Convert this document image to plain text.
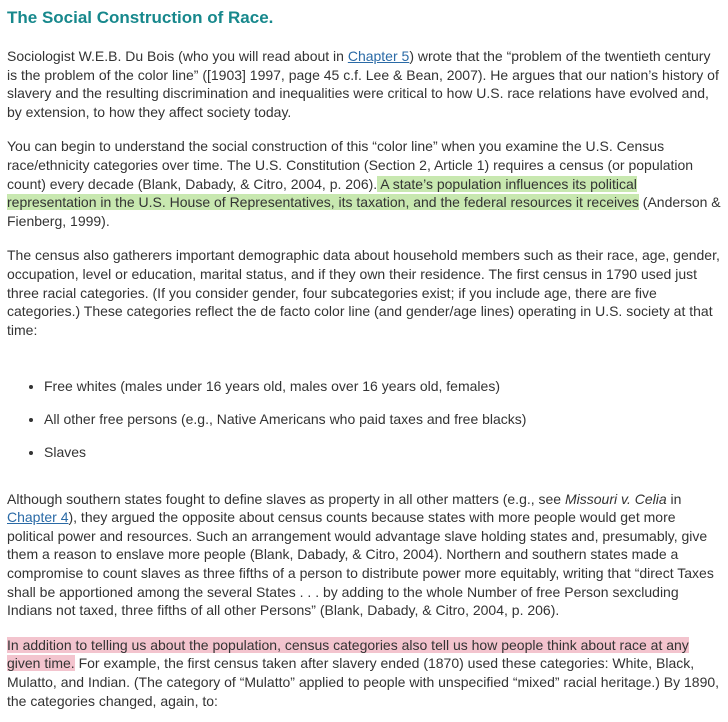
The Social Construction of Race.

Sociologist W.E.B. Du Bois (who you will read about in Chapter 5) wrote that the “problem of the twentieth century is the problem of the color line” ([1903] 1997, page 45 c.f. Lee & Bean, 2007). He argues that our nation’s history of slavery and the resulting discrimination and inequalities were critical to how U.S. race relations have evolved and, by extension, to how they affect society today.

You can begin to understand the social construction of this “color line” when you examine the U.S. Census race/ethnicity categories over time. The U.S. Constitution (Section 2, Article 1) requires a census (or population count) every decade (Blank, Dabady, & Citro, 2004, p. 206). A state’s population influences its political representation in the U.S. House of Representatives, its taxation, and the federal resources it receives (Anderson & Fienberg, 1999).

The census also gatherers important demographic data about household members such as their race, age, gender, occupation, level or education, marital status, and if they own their residence. The first census in 1790 used just three racial categories. (If you consider gender, four subcategories exist; if you include age, there are five categories.) These categories reflect the de facto color line (and gender/age lines) operating in U.S. society at that time:

• Free whites (males under 16 years old, males over 16 years old, females)
• All other free persons (e.g., Native Americans who paid taxes and free blacks)
• Slaves

Although southern states fought to define slaves as property in all other matters (e.g., see Missouri v. Celia in
Chapter 4), they argued the opposite about census counts because states with more people would get more political power and resources. Such an arrangement would advantage slave holding states and, presumably, give them a reason to enslave more people (Blank, Dabady, & Citro, 2004). Northern and southern states made a compromise to count slaves as three fifths of a person to distribute power more equitably, writing that “direct Taxes shall be apportioned among the several States . . . by adding to the whole Number of free Person sexcluding Indians not taxed, three fifths of all other Persons” (Blank, Dabady, & Citro, 2004, p. 206).

In addition to telling us about the population, census categories also tell us how people think about race at any given time. For example, the first census taken after slavery ended (1870) used these categories: White, Black, Mulatto, and Indian. (The category of “Mulatto” applied to people with unspecified “mixed” racial heritage.) By 1890, the categories changed, again, to:
